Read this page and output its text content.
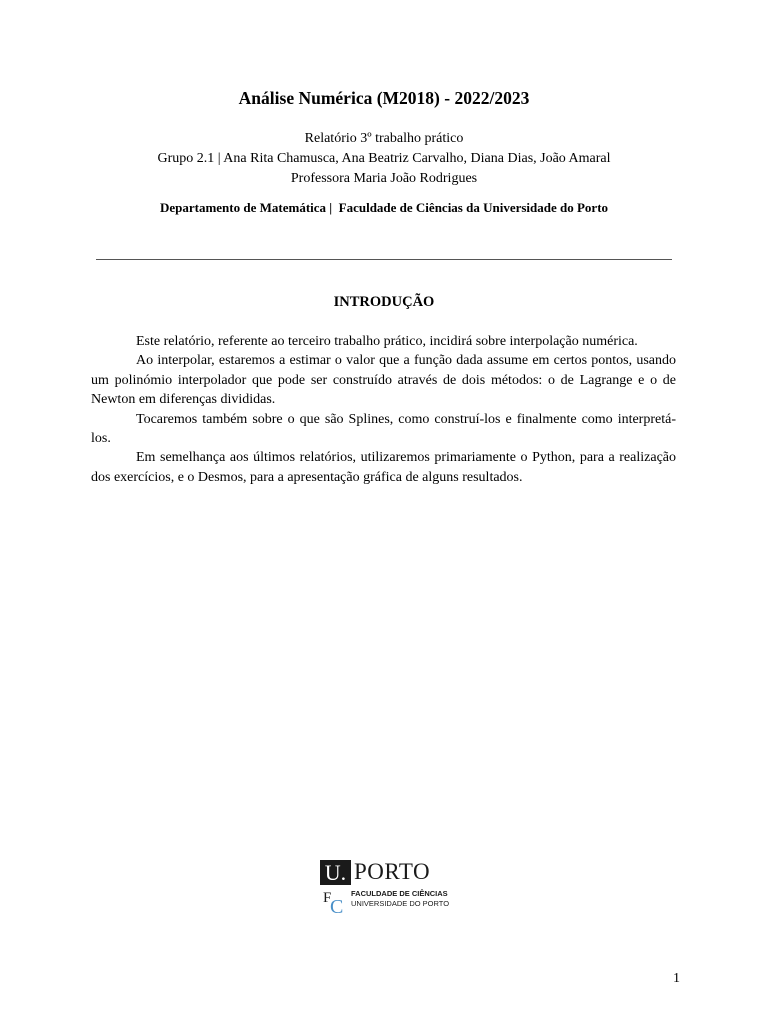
Análise Numérica (M2018) - 2022/2023
Relatório 3º trabalho prático
Grupo 2.1 | Ana Rita Chamusca, Ana Beatriz Carvalho, Diana Dias, João Amaral
Professora Maria João Rodrigues
Departamento de Matemática |  Faculdade de Ciências da Universidade do Porto
INTRODUÇÃO

Este relatório, referente ao terceiro trabalho prático, incidirá sobre interpolação numérica.

Ao interpolar, estaremos a estimar o valor que a função dada assume em certos pontos, usando um polinómio interpolador que pode ser construído através de dois métodos: o de Lagrange e o de Newton em diferenças divididas.

Tocaremos também sobre o que são Splines, como construí-los e finalmente como interpretá-los.

Em semelhança aos últimos relatórios, utilizaremos primariamente o Python, para a realização dos exercícios, e o Desmos, para a apresentação gráfica de alguns resultados.

U. PORTO
F
C
FACULDADE DE CIÊNCIAS
UNIVERSIDADE DO PORTO
1
